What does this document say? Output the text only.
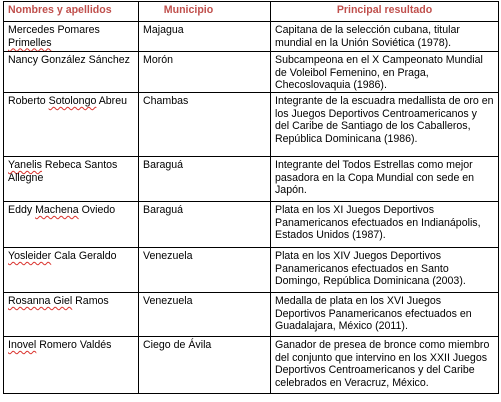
Nombres y apellidos	Municipio	Principal resultado
Mercedes Pomares Primelles	Majagua	Capitana de la selección cubana, titular mundial en la Unión Soviética (1978).
Nancy González Sánchez	Morón	Subcampeona en el X Campeonato Mundial de Voleibol Femenino, en Praga, Checoslovaquia (1986).
Roberto Sotolongo Abreu	Chambas	Integrante de la escuadra medallista de oro en los Juegos Deportivos Centroamericanos y del Caribe de Santiago de los Caballeros, República Dominicana (1986).
Yanelis Rebeca Santos Allegne	Baraguá	Integrante del Todos Estrellas como mejor pasadora en la Copa Mundial con sede en Japón.
Eddy Machena Oviedo	Baraguá	Plata en los XI Juegos Deportivos Panamericanos efectuados en Indianápolis, Estados Unidos (1987).
Yosleider Cala Geraldo	Venezuela	Plata en los XIV Juegos Deportivos Panamericanos efectuados en Santo Domingo, República Dominicana (2003).
Rosanna Giel Ramos	Venezuela	Medalla de plata en los XVI Juegos Deportivos Panamericanos efectuados en Guadalajara, México (2011).
Inovel Romero Valdés	Ciego de Ávila	Ganador de presea de bronce como miembro del conjunto que intervino en los XXII Juegos Deportivos Centroamericanos y del Caribe celebrados en Veracruz, México.
